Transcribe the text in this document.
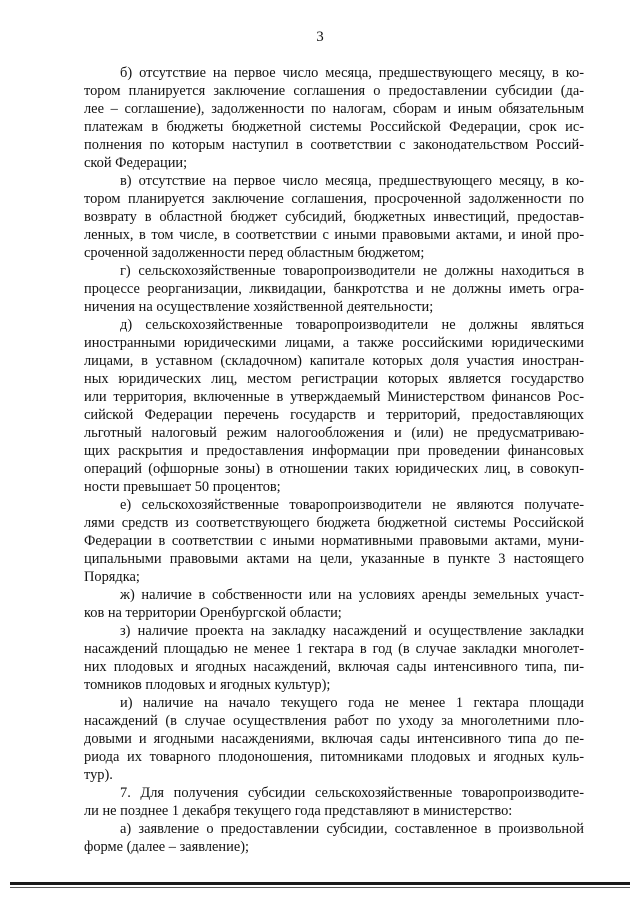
3
б) отсутствие на первое число месяца, предшествующего месяцу, в ко-
тором планируется заключение соглашения о предоставлении субсидии (да-
лее – соглашение), задолженности по налогам, сборам и иным обязательным
платежам в бюджеты бюджетной системы Российской Федерации, срок ис-
полнения по которым наступил в соответствии с законодательством Россий-
ской Федерации;
в) отсутствие на первое число месяца, предшествующего месяцу, в ко-
тором планируется заключение соглашения, просроченной задолженности по
возврату в областной бюджет субсидий, бюджетных инвестиций, предостав-
ленных, в том числе, в соответствии с иными правовыми актами, и иной про-
сроченной задолженности перед областным бюджетом;
г) сельскохозяйственные товаропроизводители не должны находиться в
процессе реорганизации, ликвидации, банкротства и не должны иметь огра-
ничения на осуществление хозяйственной деятельности;
д) сельскохозяйственные товаропроизводители не должны являться
иностранными юридическими лицами, а также российскими юридическими
лицами, в уставном (складочном) капитале которых доля участия иностран-
ных юридических лиц, местом регистрации которых является государство
или территория, включенные в утверждаемый Министерством финансов Рос-
сийской Федерации перечень государств и территорий, предоставляющих
льготный налоговый режим налогообложения и (или) не предусматриваю-
щих раскрытия и предоставления информации при проведении финансовых
операций (офшорные зоны) в отношении таких юридических лиц, в совокуп-
ности превышает 50 процентов;
е) сельскохозяйственные товаропроизводители не являются получате-
лями средств из соответствующего бюджета бюджетной системы Российской
Федерации в соответствии с иными нормативными правовыми актами, муни-
ципальными правовыми актами на цели, указанные в пункте 3 настоящего
Порядка;
ж) наличие в собственности или на условиях аренды земельных участ-
ков на территории Оренбургской области;
з) наличие проекта на закладку насаждений и осуществление закладки
насаждений площадью не менее 1 гектара в год (в случае закладки многолет-
них плодовых и ягодных насаждений, включая сады интенсивного типа, пи-
томников плодовых и ягодных культур);
и) наличие на начало текущего года не менее 1 гектара площади
насаждений (в случае осуществления работ по уходу за многолетними пло-
довыми и ягодными насаждениями, включая сады интенсивного типа до пе-
риода их товарного плодоношения, питомниками плодовых и ягодных куль-
тур).
7. Для получения субсидии сельскохозяйственные товаропроизводите-
ли не позднее 1 декабря текущего года представляют в министерство:
а) заявление о предоставлении субсидии, составленное в произвольной
форме (далее – заявление);
